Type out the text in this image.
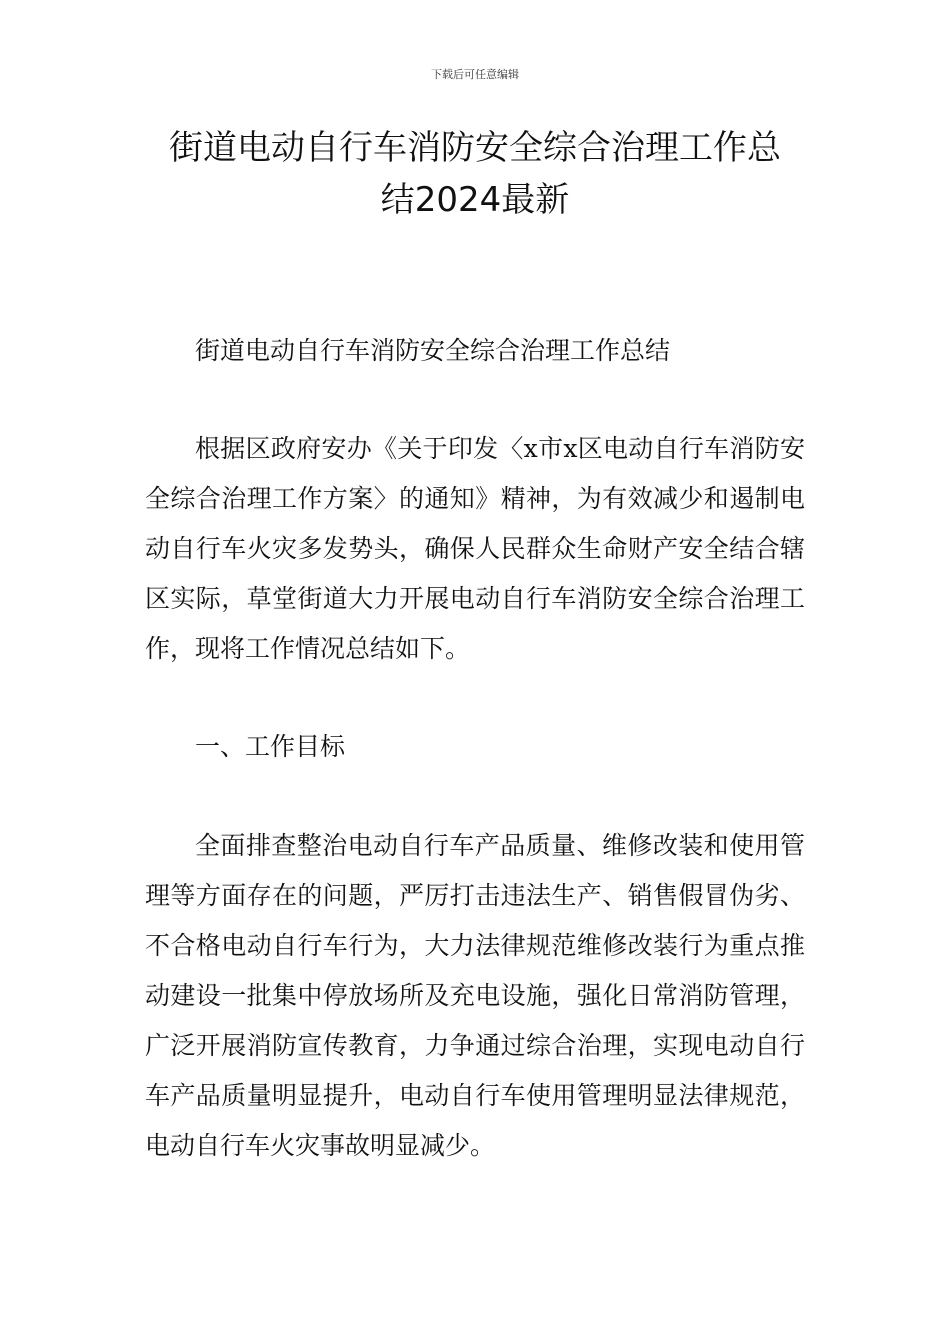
下载后可任意编辑
街道电动自行车消防安全综合治理工作总
结2024最新

街道电动自行车消防安全综合治理工作总结

根据区政府安办《关于印发〈x市x区电动自行车消防安全综合治理工作方案〉的通知》精神，为有效减少和遏制电动自行车火灾多发势头，确保人民群众生命财产安全结合辖区实际，草堂街道大力开展电动自行车消防安全综合治理工作，现将工作情况总结如下。

一、工作目标

全面排查整治电动自行车产品质量、维修改装和使用管理等方面存在的问题，严厉打击违法生产、销售假冒伪劣、不合格电动自行车行为，大力法律规范维修改装行为重点推动建设一批集中停放场所及充电设施，强化日常消防管理，广泛开展消防宣传教育，力争通过综合治理，实现电动自行车产品质量明显提升，电动自行车使用管理明显法律规范，电动自行车火灾事故明显减少。
